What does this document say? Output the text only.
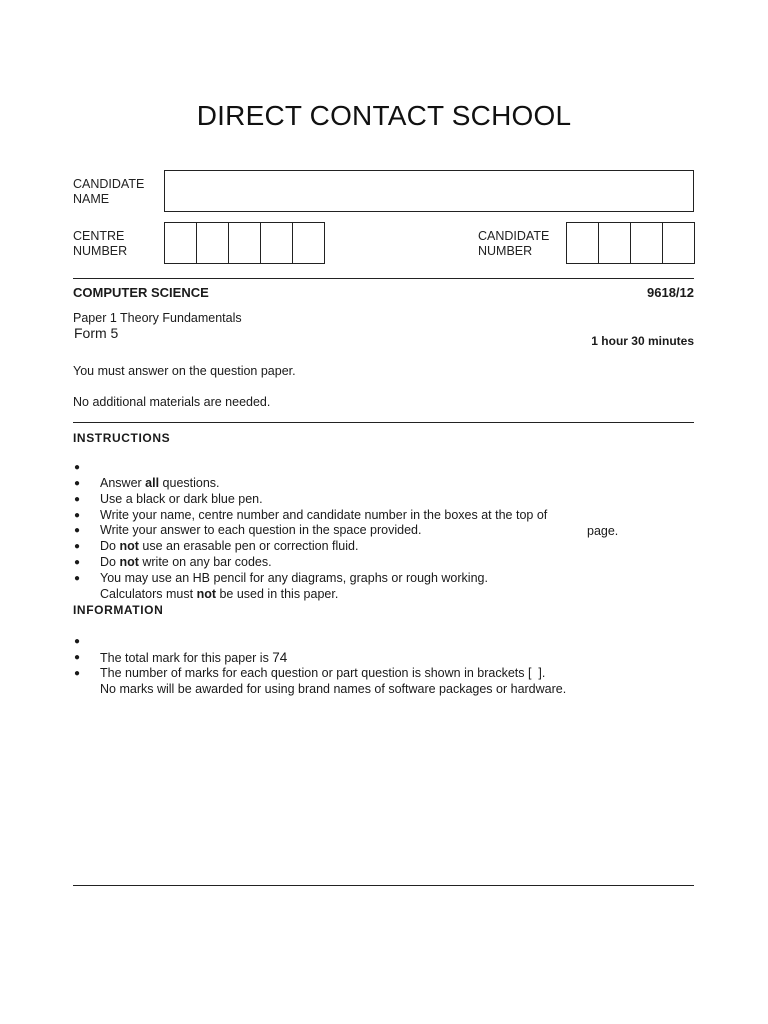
DIRECT CONTACT SCHOOL
CANDIDATE
NAME
CENTRE
NUMBER
CANDIDATE
NUMBER
COMPUTER SCIENCE	9618/12
Paper 1 Theory Fundamentals
Form 5	1 hour 30 minutes
You must answer on the question paper.
No additional materials are needed.
INSTRUCTIONS

●

Answer all questions.

●

Use a black or dark blue pen.

●

Write your name, centre number and candidate number in the boxes at the top of

page.

●

Write your answer to each question in the space provided.

●

Do not use an erasable pen or correction fluid.

●

Do not write on any bar codes.

●

You may use an HB pencil for any diagrams, graphs or rough working.

●

Calculators must not be used in this paper.

INFORMATION

●

The total mark for this paper is 74

●

The number of marks for each question or part question is shown in brackets [  ].

●

No marks will be awarded for using brand names of software packages or hardware.
